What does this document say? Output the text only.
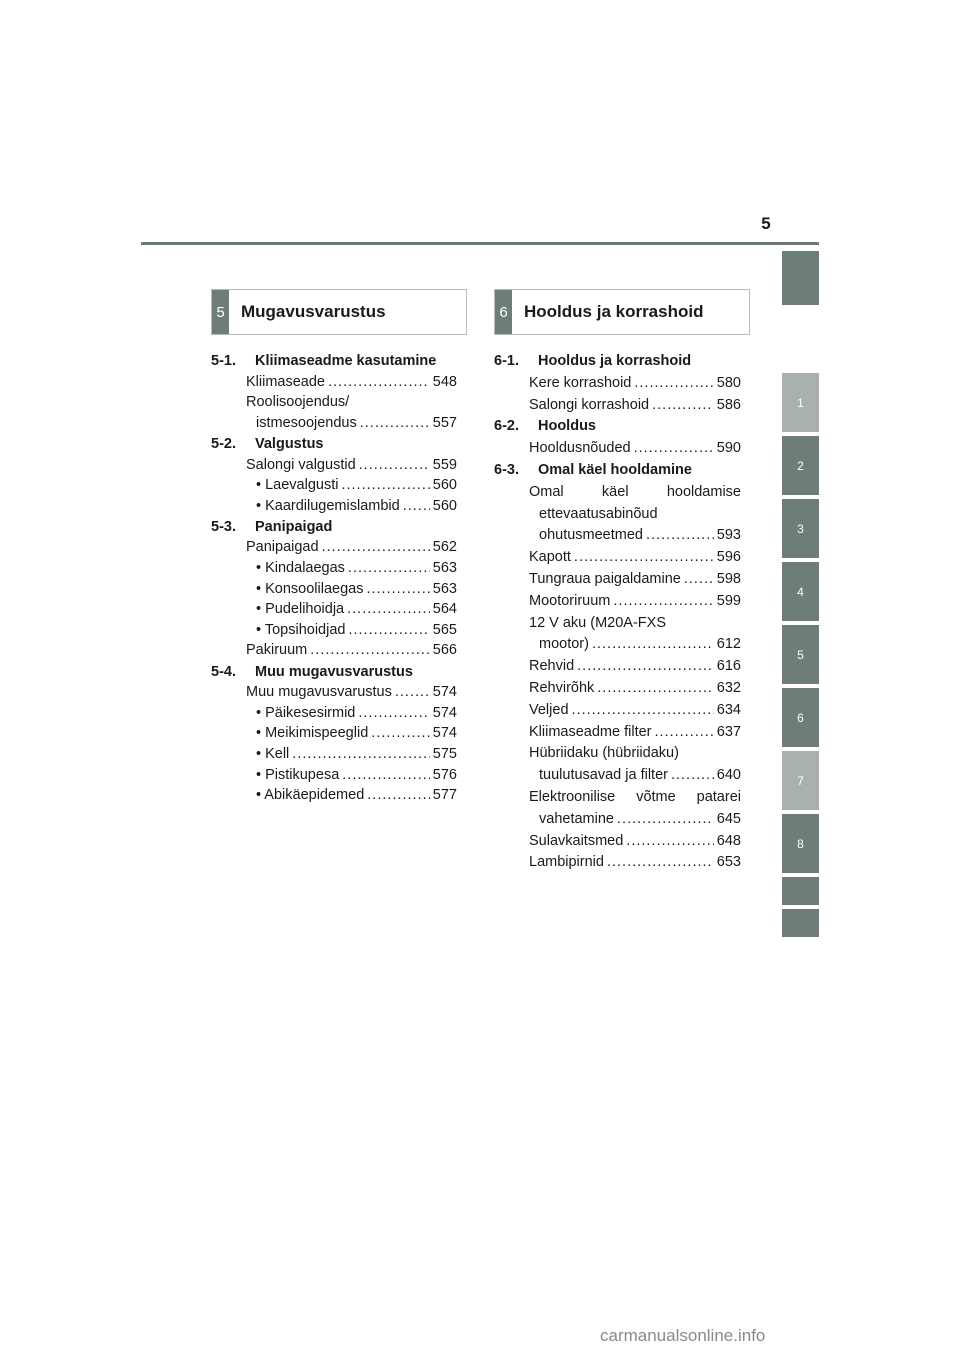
5
1
2
3
4
5
6
7
8
5 Mugavusvarustus	6 Hooldus ja korrashoid
5-1. Kliimaseadme kasutamine
Kliimaseade .....	548
Roolisoojendus/
istmesoojendus .....	557
5-2. Valgustus
Salongi valgustid .....	559
• Laevalgusti .....	560
• Kaardilugemislambid ..... 560
5-3. Panipaigad
Panipaigad .....	562
• Kindalaegas .....	563
• Konsoolilaegas .....	563
• Pudelihoidja .....	564
• Topsihoidjad .....	565
Pakiruum .....	566
5-4. Muu mugavusvarustus
Muu mugavusvarustus .....	574
• Päikesesirmid .....	574
• Meikimispeeglid .....	574
• Kell .....	575
• Pistikupesa .....	576
• Abikäepidemed .....	577
6-1. Hooldus ja korrashoid
Kere korrashoid .....	580
Salongi korrashoid .....	586
6-2. Hooldus
Hooldusnõuded .....	590
6-3. Omal käel hooldamine
Omal käel hooldamise
ettevaatusabinõud
ohutusmeetmed .....	593
Kapott .....	596
Tungraua paigaldamine ..... 598
Mootoriruum .....	599
12 V aku (M20A-FXS
mootor) .....	612
Rehvid .....	616
Rehvirõhk .....	632
Veljed .....	634
Kliimaseadme filter .....	637
Hübriidaku (hübriidaku)
tuulutusavad ja filter .....	640
Elektroonilise võtme patarei
vahetamine .....	645
Sulavkaitsmed .....	648
Lambipirnid .....	653
carmanualsonline.info
